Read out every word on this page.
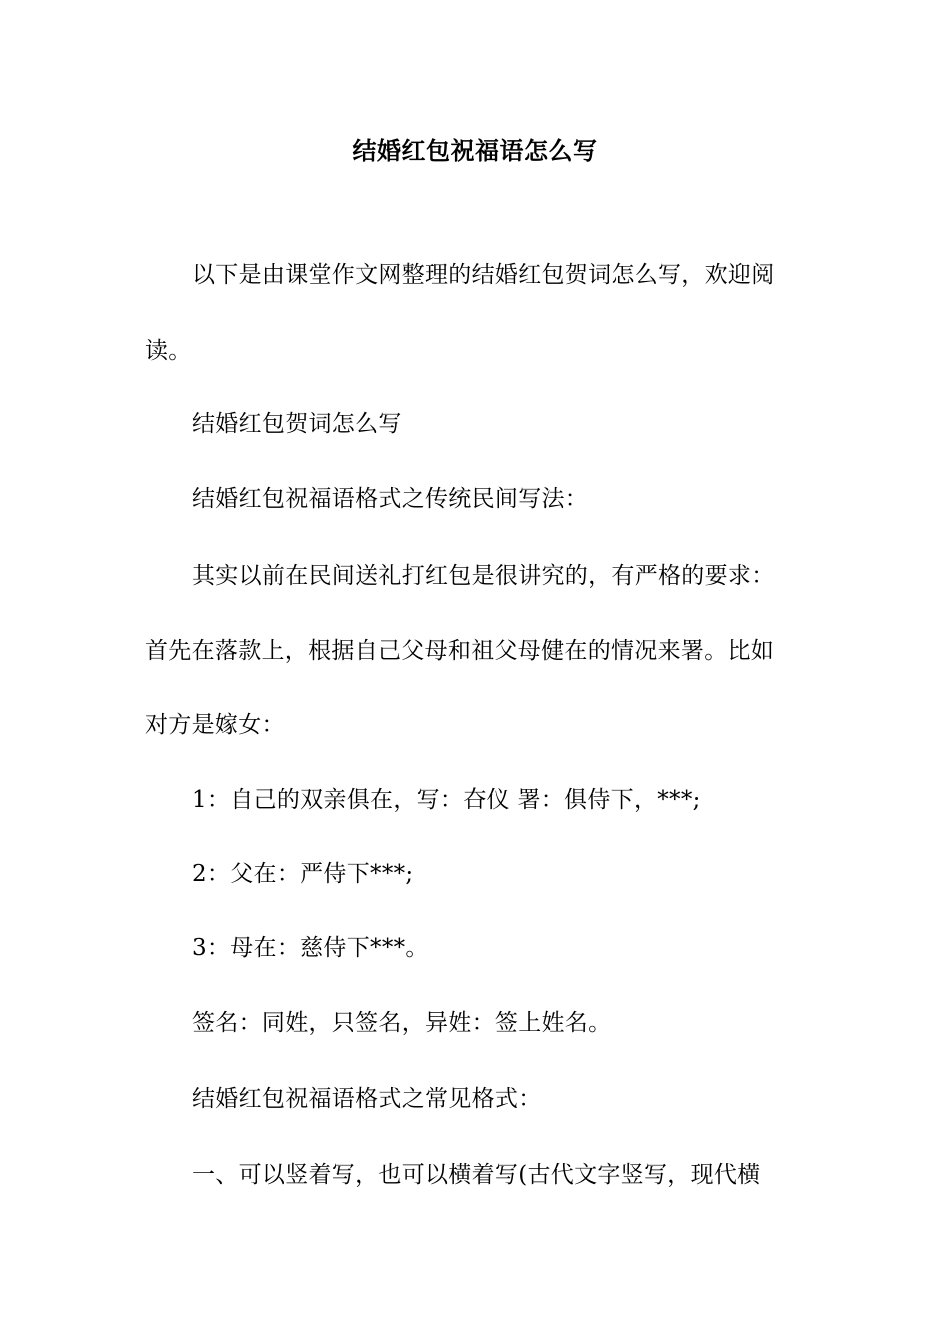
结婚红包祝福语怎么写
以下是由课堂作文网整理的结婚红包贺词怎么写，欢迎阅
读。
结婚红包贺词怎么写
结婚红包祝福语格式之传统民间写法：
其实以前在民间送礼打红包是很讲究的，有严格的要求：
首先在落款上，根据自己父母和祖父母健在的情况来署。比如
对方是嫁女：
1：自己的双亲俱在，写：夻仪 署：俱侍下，***;
2：父在：严侍下***;
3：母在：慈侍下***。
签名：同姓，只签名，异姓：签上姓名。
结婚红包祝福语格式之常见格式：
一、可以竖着写，也可以横着写(古代文字竖写，现代横
